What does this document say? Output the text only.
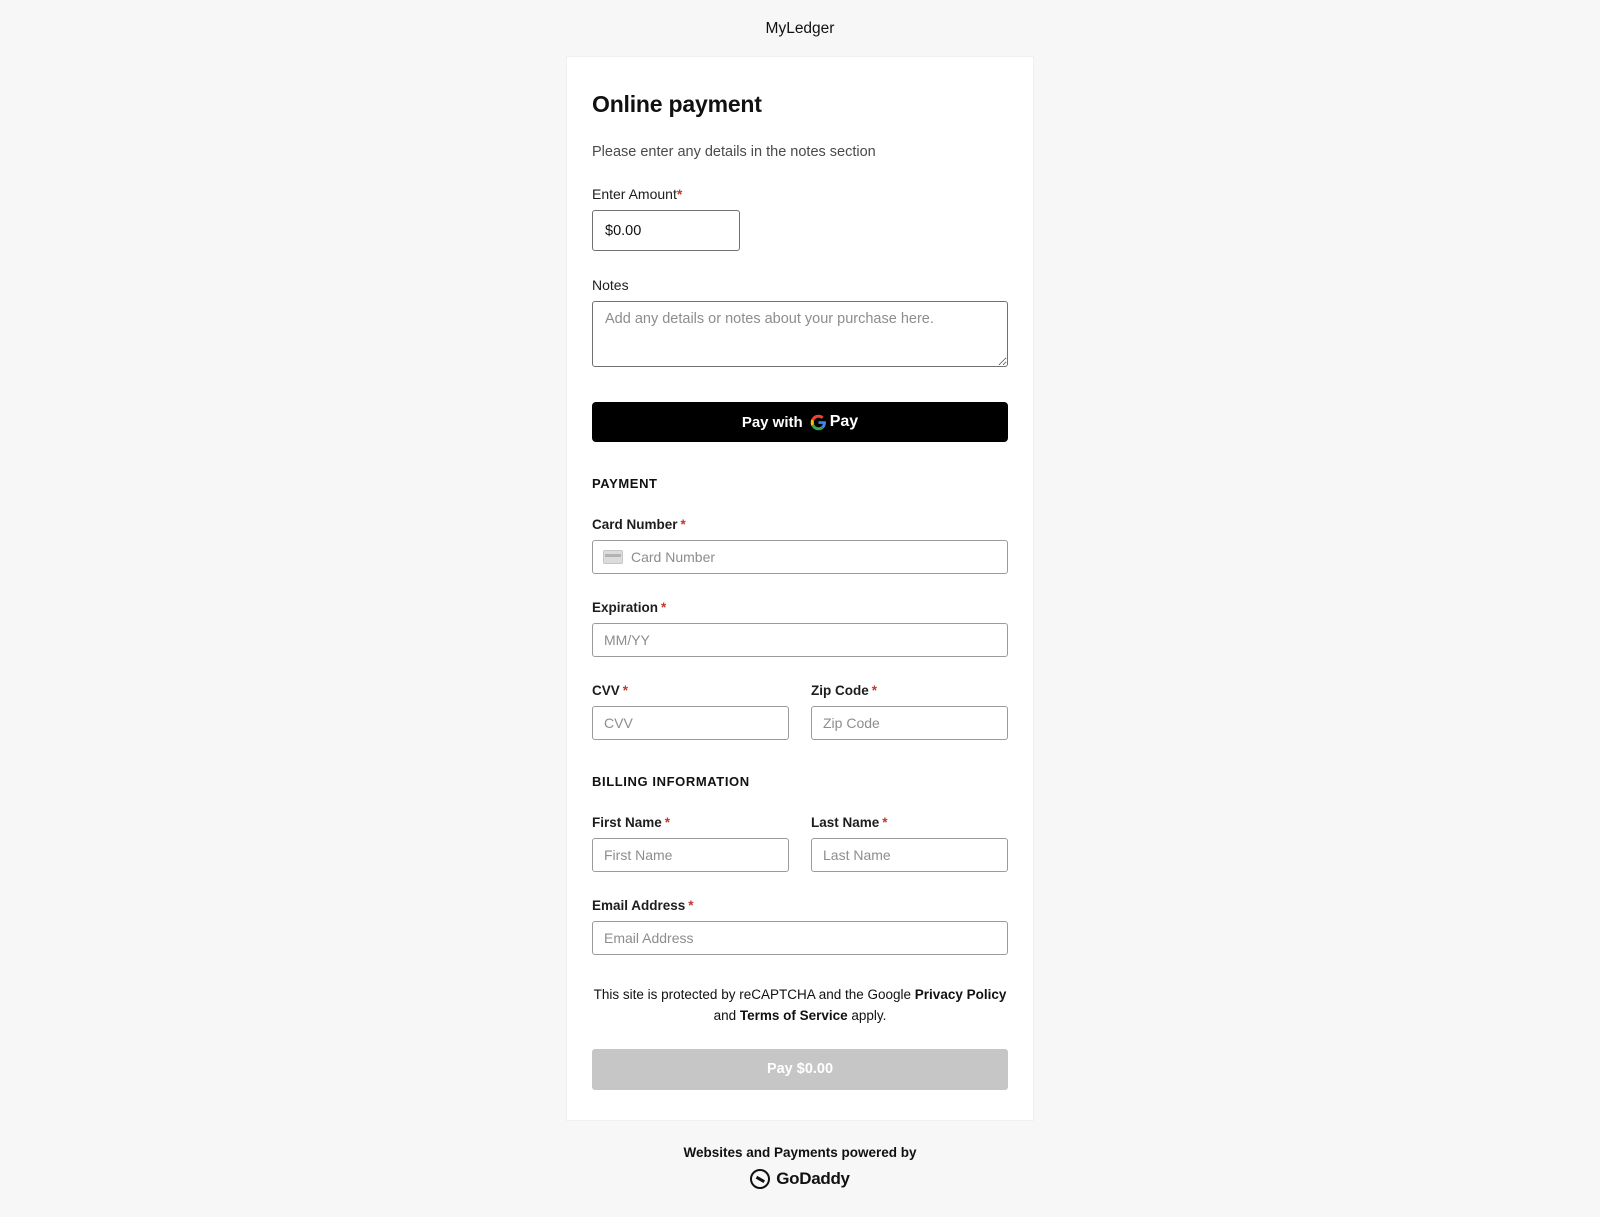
MyLedger
Online payment

Please enter any details in the notes section

Enter Amount*
$0.00
Notes
Add any details or notes about your purchase here.
Pay with Pay
PAYMENT
Card Number *
Card Number
Expiration *
MM/YY
CVV *
CVV	Zip Code *
Zip Code
BILLING INFORMATION
First Name *
First Name	Last Name *
Last Name
Email Address *
Email Address
This site is protected by reCAPTCHA and the Google Privacy Policy and Terms of Service apply.
Pay $0.00
Websites and Payments powered by
GoDaddy
